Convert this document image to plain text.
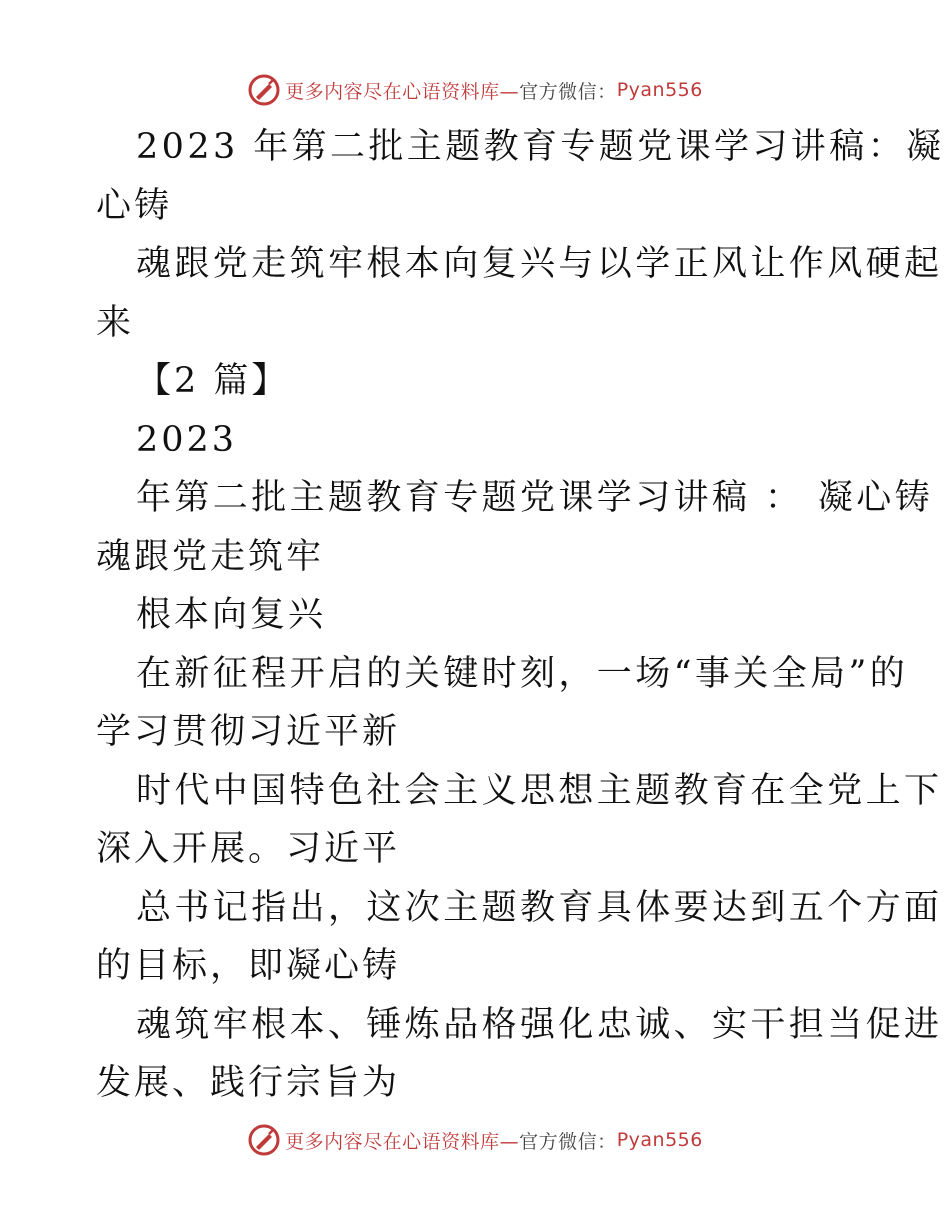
更多内容尽在心语资料库— 官方微信： Pyan556
2023 年第二批主题教育专题党课学习讲稿：凝
心铸
魂跟党走筑牢根本向复兴与以学正风让作风硬起
来
【2 篇】
2023
年第二批主题教育专题党课学习讲稿 ： 凝心铸
魂跟党走筑牢
根本向复兴
在新征程开启的关键时刻，一场“事关全局”的
学习贯彻习近平新
时代中国特色社会主义思想主题教育在全党上下
深入开展。习近平
总书记指出，这次主题教育具体要达到五个方面
的目标，即凝心铸
魂筑牢根本、锤炼品格强化忠诚、实干担当促进
发展、践行宗旨为
更多内容尽在心语资料库— 官方微信： Pyan556
